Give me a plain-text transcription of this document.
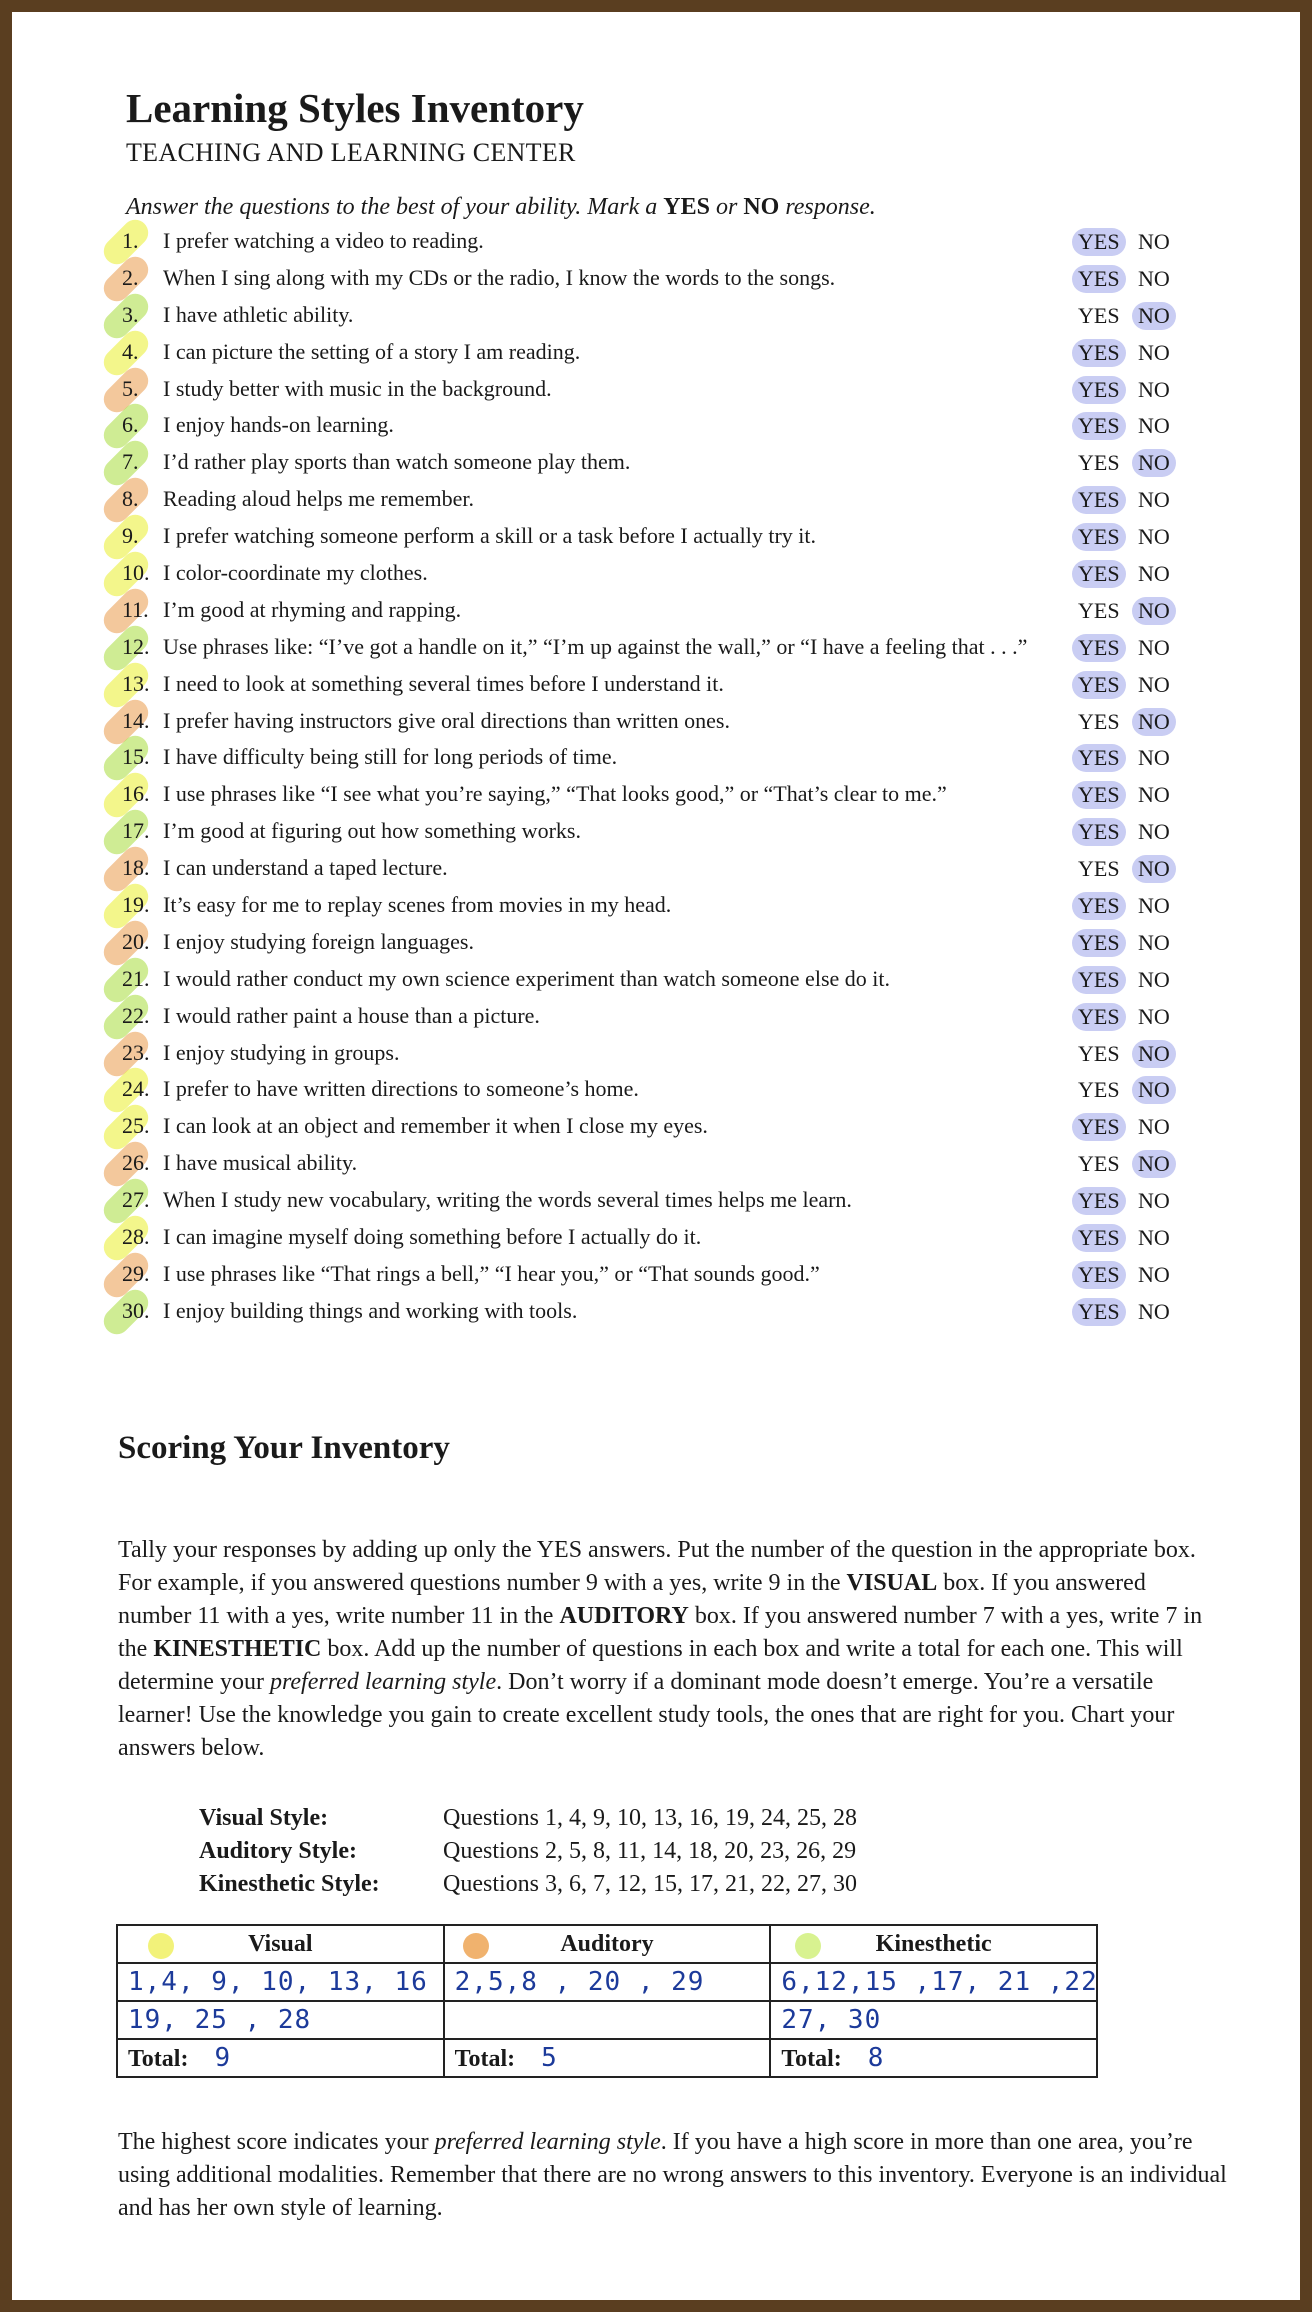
Learning Styles Inventory
TEACHING AND LEARNING CENTER
Answer the questions to the best of your ability. Mark a YES or NO response.
1.	I prefer watching a video to reading.	YES NO
2.	When I sing along with my CDs or the radio, I know the words to the songs.	YES NO
3.	I have athletic ability.	YES NO
4.	I can picture the setting of a story I am reading.	YES NO
5.	I study better with music in the background.	YES NO
6.	I enjoy hands-on learning.	YES NO
7.	I’d rather play sports than watch someone play them.	YES NO
8.	Reading aloud helps me remember.	YES NO
9.	I prefer watching someone perform a skill or a task before I actually try it.	YES NO
10. I color-coordinate my clothes.	YES NO
11. I’m good at rhyming and rapping.	YES NO
12. Use phrases like: “I’ve got a handle on it,” “I’m up against the wall,” or “I have a feeling that . . .” YES NO
13. I need to look at something several times before I understand it.	YES NO
14. I prefer having instructors give oral directions than written ones.	YES NO
15. I have difficulty being still for long periods of time.	YES NO
16. I use phrases like “I see what you’re saying,” “That looks good,” or “That’s clear to me.”	YES NO
17. I’m good at figuring out how something works.	YES NO
18. I can understand a taped lecture.	YES NO
19. It’s easy for me to replay scenes from movies in my head.	YES NO
20. I enjoy studying foreign languages.	YES NO
21. I would rather conduct my own science experiment than watch someone else do it.	YES NO
22. I would rather paint a house than a picture.	YES NO
23. I enjoy studying in groups.	YES NO
24. I prefer to have written directions to someone’s home.	YES NO
25. I can look at an object and remember it when I close my eyes.	YES NO
26. I have musical ability.	YES NO
27. When I study new vocabulary, writing the words several times helps me learn.	YES NO
28. I can imagine myself doing something before I actually do it.	YES NO
29. I use phrases like “That rings a bell,” “I hear you,” or “That sounds good.”	YES NO
30. I enjoy building things and working with tools.	YES NO
Scoring Your Inventory
Tally your responses by adding up only the YES answers. Put the number of the question in the appropriate box. For example, if you answered questions number 9 with a yes, write 9 in the VISUAL box. If you answered number 11 with a yes, write number 11 in the AUDITORY box. If you answered number 7 with a yes, write 7 in the KINESTHETIC box. Add up the number of questions in each box and write a total for each one. This will determine your preferred learning style. Don’t worry if a dominant mode doesn’t emerge. You’re a versatile learner! Use the knowledge you gain to create excellent study tools, the ones that are right for you. Chart your answers below.
Visual Style:	Questions 1, 4, 9, 10, 13, 16, 19, 24, 25, 28
Auditory Style:	Questions 2, 5, 8, 11, 14, 18, 20, 23, 26, 29
Kinesthetic Style:	Questions 3, 6, 7, 12, 15, 17, 21, 22, 27, 30
Visual	Auditory	Kinesthetic
1,4, 9, 10, 13, 16	2,5,8 , 20 , 29	6,12,15 ,17, 21 ,22
19, 25 , 28		27, 30
Total: 9	Total: 5	Total: 8
The highest score indicates your preferred learning style. If you have a high score in more than one area, you’re using additional modalities. Remember that there are no wrong answers to this inventory. Everyone is an individual and has her own style of learning.
